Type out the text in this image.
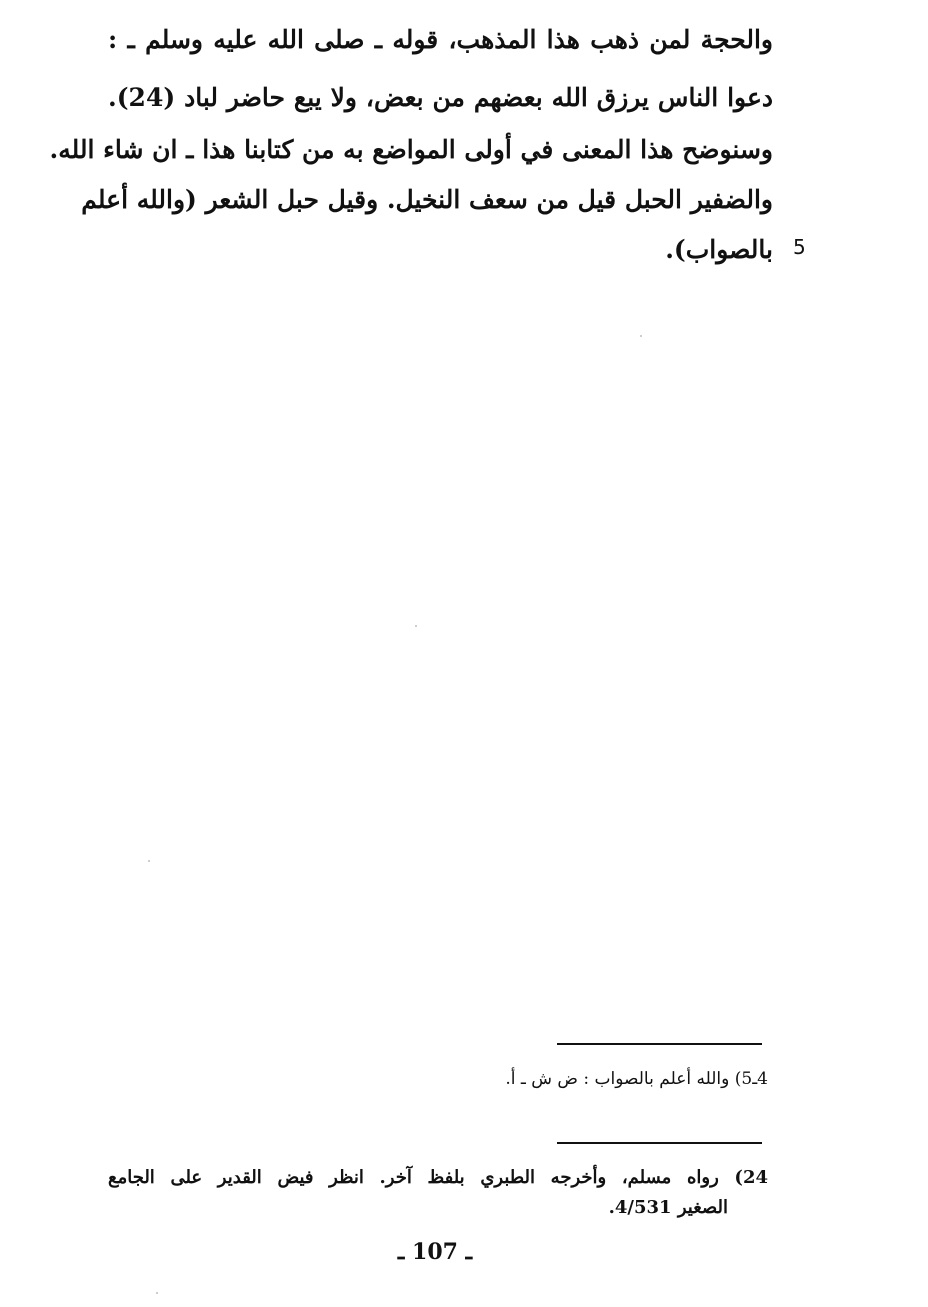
والحجة لمن ذهب هذا المذهب، قوله ـ صلى الله عليه وسلم ـ :
دعوا الناس يرزق الله بعضهم من بعض، ولا يبع حاضر لباد (24).
وسنوضح هذا المعنى في أولى المواضع به من كتابنا هذا ـ ان شاء الله.
والضفير الحبل قيل من سعف النخيل. وقيل حبل الشعر (والله أعلم
بالصواب). 5
4ـ5) والله أعلم بالصواب : ض ش ـ أ.
24) رواه مسلم، وأخرجه الطبري بلفظ آخر. انظر فيض القدير على الجامع
الصغير 4/531.
ـ 107 ـ
